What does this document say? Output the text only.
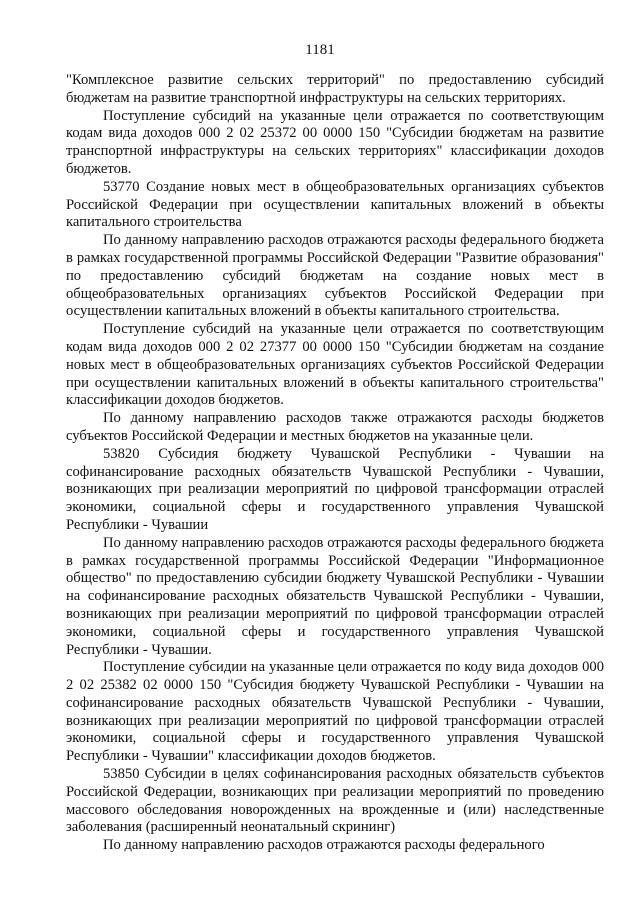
1181

"Комплексное развитие сельских территорий" по предоставлению субсидий бюджетам на развитие транспортной инфраструктуры на сельских территориях.

Поступление субсидий на указанные цели отражается по соответствующим кодам вида доходов 000 2 02 25372 00 0000 150 "Субсидии бюджетам на развитие транспортной инфраструктуры на сельских территориях" классификации доходов бюджетов.

53770 Создание новых мест в общеобразовательных организациях субъектов Российской Федерации при осуществлении капитальных вложений в объекты капитального строительства

По данному направлению расходов отражаются расходы федерального бюджета в рамках государственной программы Российской Федерации "Развитие образования" по предоставлению субсидий бюджетам на создание новых мест в общеобразовательных организациях субъектов Российской Федерации при осуществлении капитальных вложений в объекты капитального строительства.

Поступление субсидий на указанные цели отражается по соответствующим кодам вида доходов 000 2 02 27377 00 0000 150 "Субсидии бюджетам на создание новых мест в общеобразовательных организациях субъектов Российской Федерации при осуществлении капитальных вложений в объекты капитального строительства" классификации доходов бюджетов.

По данному направлению расходов также отражаются расходы бюджетов субъектов Российской Федерации и местных бюджетов на указанные цели.

53820 Субсидия бюджету Чувашской Республики - Чувашии на софинансирование расходных обязательств Чувашской Республики - Чувашии, возникающих при реализации мероприятий по цифровой трансформации отраслей экономики, социальной сферы и государственного управления Чувашской Республики - Чувашии

По данному направлению расходов отражаются расходы федерального бюджета в рамках государственной программы Российской Федерации "Информационное общество" по предоставлению субсидии бюджету Чувашской Республики - Чувашии на софинансирование расходных обязательств Чувашской Республики - Чувашии, возникающих при реализации мероприятий по цифровой трансформации отраслей экономики, социальной сферы и государственного управления Чувашской Республики - Чувашии.

Поступление субсидии на указанные цели отражается по коду вида доходов 000 2 02 25382 02 0000 150 "Субсидия бюджету Чувашской Республики - Чувашии на софинансирование расходных обязательств Чувашской Республики - Чувашии, возникающих при реализации мероприятий по цифровой трансформации отраслей экономики, социальной сферы и государственного управления Чувашской Республики - Чувашии" классификации доходов бюджетов.

53850 Субсидии в целях софинансирования расходных обязательств субъектов Российской Федерации, возникающих при реализации мероприятий по проведению массового обследования новорожденных на врожденные и (или) наследственные заболевания (расширенный неонатальный скрининг)

По данному направлению расходов отражаются расходы федерального
